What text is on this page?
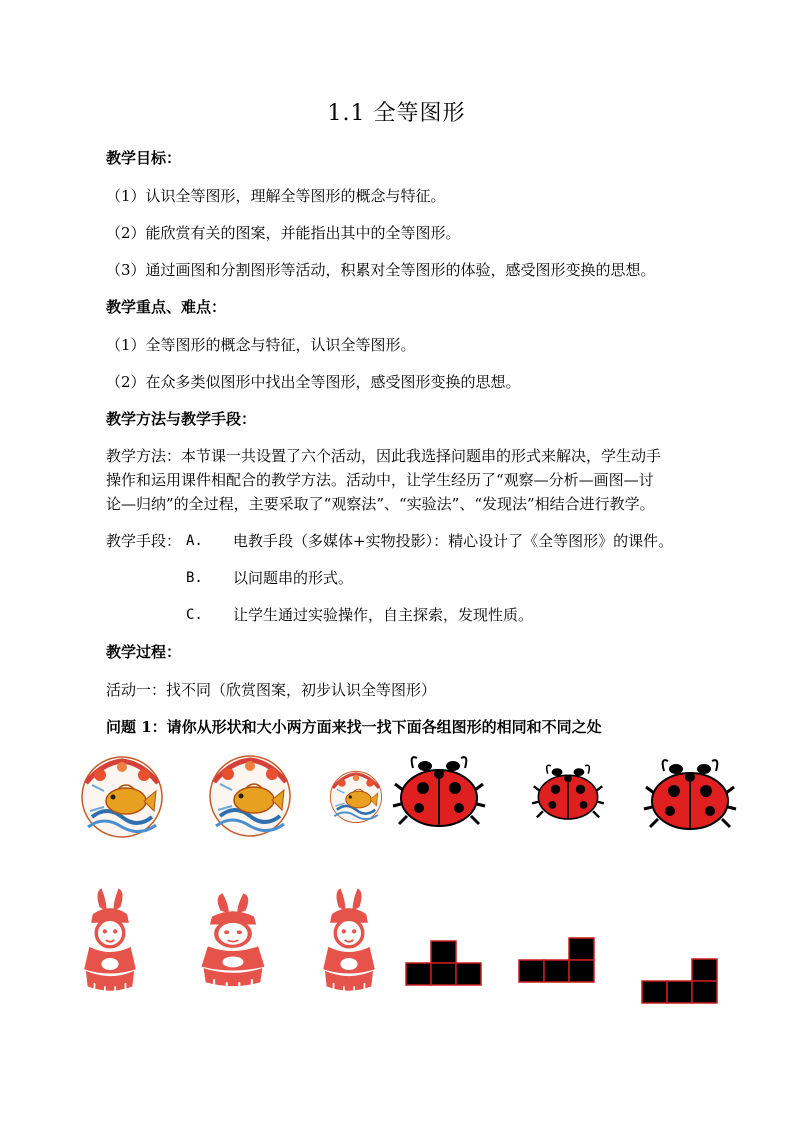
1.1 全等图形
教学目标：
（1）认识全等图形，理解全等图形的概念与特征。
（2）能欣赏有关的图案，并能指出其中的全等图形。
（3）通过画图和分割图形等活动，积累对全等图形的体验，感受图形变换的思想。
教学重点、难点：
（1）全等图形的概念与特征，认识全等图形。
（2）在众多类似图形中找出全等图形，感受图形变换的思想。
教学方法与教学手段：
教学方法：本节课一共设置了六个活动，因此我选择问题串的形式来解决，学生动手
操作和运用课件相配合的教学方法。活动中，让学生经历了“观察—分析—画图—讨
论—归纳”的全过程，主要采取了“观察法”、“实验法”、“发现法”相结合进行教学。
教学手段： A. 电教手段（多媒体+实物投影）：精心设计了《全等图形》的课件。
B. 以问题串的形式。
C. 让学生通过实验操作，自主探索，发现性质。
教学过程：
活动一：找不同（欣赏图案，初步认识全等图形）
问题 1：请你从形状和大小两方面来找一找下面各组图形的相同和不同之处
